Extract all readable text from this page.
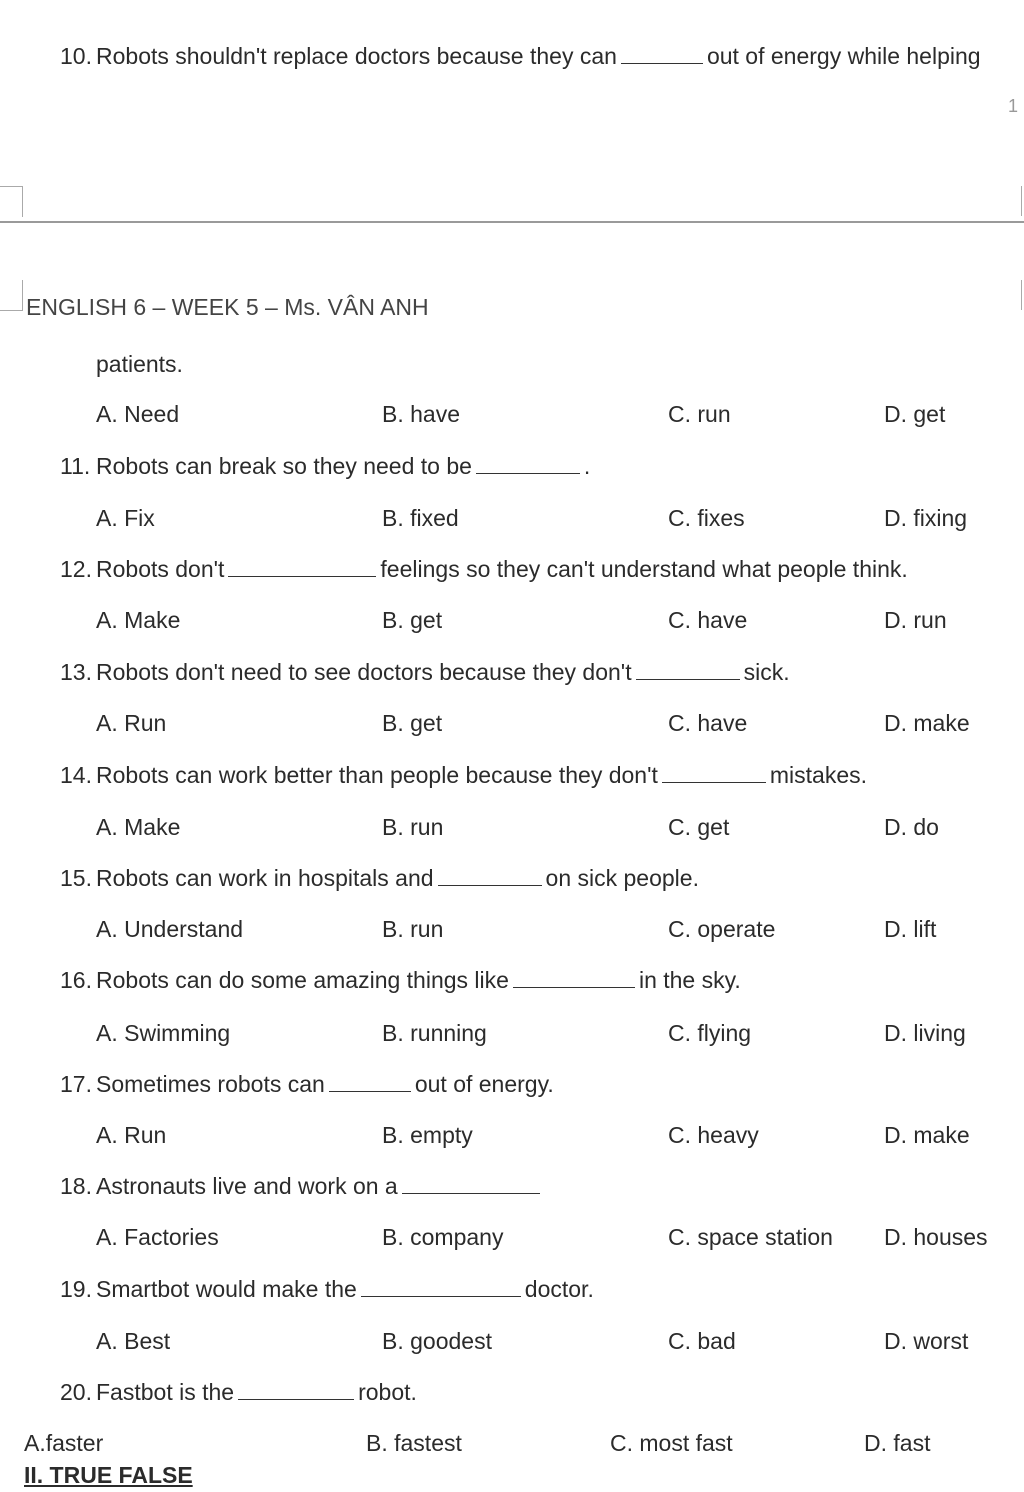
10. Robots shouldn't replace doctors because they can	out of energy while helping
1
ENGLISH 6 – WEEK 5 – Ms. VÂN ANH
patients.
A. Need	B. have	C. run	D. get
11. Robots can break so they need to be	.
A. Fix	B. fixed	C. fixes	D. fixing
12. Robots don't	feelings so they can't understand what people think.
A. Make	B. get	C. have	D. run
13. Robots don't need to see doctors because they don't	sick.
A. Run	B. get	C. have	D. make
14. Robots can work better than people because they don't	mistakes.
A. Make	B. run	C. get	D. do
15. Robots can work in hospitals and	on sick people.
A. Understand	B. run	C. operate	D. lift
16. Robots can do some amazing things like	in the sky.
A. Swimming	B. running	C. flying	D. living
17. Sometimes robots can	out of energy.
A. Run	B. empty	C. heavy	D. make
18. Astronauts live and work on a
A. Factories	B. company	C. space station D. houses
19. Smartbot would make the	doctor.
A. Best	B. goodest	C. bad	D. worst
20. Fastbot is the	robot.
A.faster	B. fastest	C. most fast	D. fast
II. TRUE FALSE
